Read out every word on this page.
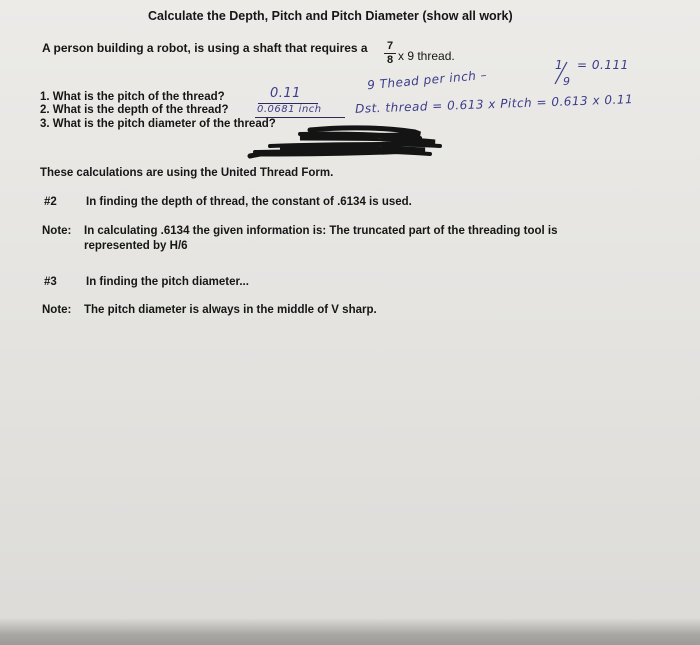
Calculate the Depth, Pitch and Pitch Diameter (show all work)
A person building a robot, is using a shaft that requires a 7
8 x 9 thread.
1
9
= 0.111
9 Thead per inch –
1. What is the pitch of the thread?
2. What is the depth of the thread?
3. What is the pitch diameter of the thread?
0.11
0.0681 inch	Dst. thread = 0.613 x Pitch = 0.613 x 0.11
These calculations are using the United Thread Form.
#2	In finding the depth of thread, the constant of .6134 is used.
Note: In calculating .6134 the given information is: The truncated part of the threading tool is
represented by H/6
#3	In finding the pitch diameter...
Note: The pitch diameter is always in the middle of V sharp.
